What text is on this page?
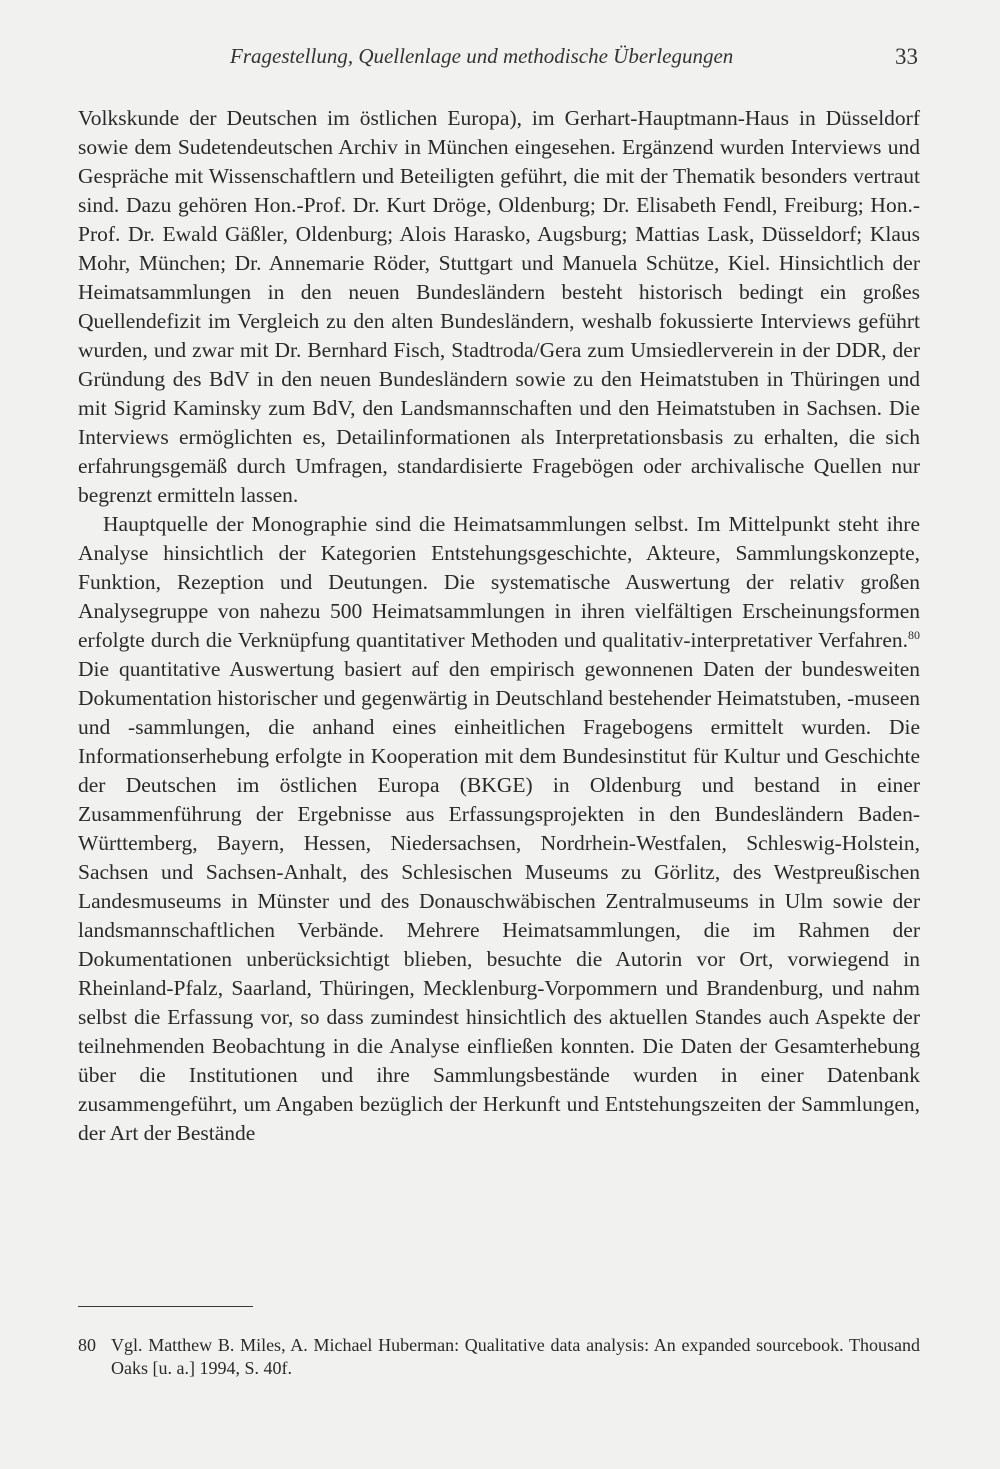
Fragestellung, Quellenlage und methodische Überlegungen	33

Volkskunde der Deutschen im östlichen Europa), im Gerhart-Hauptmann-Haus in Düsseldorf sowie dem Sudetendeutschen Archiv in München eingesehen. Ergänzend wurden Interviews und Gespräche mit Wissenschaftlern und Beteiligten geführt, die mit der Thematik besonders vertraut sind. Dazu gehören Hon.-Prof. Dr. Kurt Dröge, Oldenburg; Dr. Elisabeth Fendl, Freiburg; Hon.-Prof. Dr. Ewald Gäßler, Oldenburg; Alois Harasko, Augsburg; Mattias Lask, Düsseldorf; Klaus Mohr, München; Dr. Annemarie Röder, Stuttgart und Manuela Schütze, Kiel. Hinsichtlich der Heimatsammlungen in den neuen Bundesländern besteht historisch bedingt ein großes Quellendefizit im Vergleich zu den alten Bundesländern, weshalb fokussierte Interviews geführt wurden, und zwar mit Dr. Bernhard Fisch, Stadtroda/Gera zum Umsiedlerverein in der DDR, der Gründung des BdV in den neuen Bundesländern sowie zu den Heimatstuben in Thüringen und mit Sigrid Kaminsky zum BdV, den Landsmannschaften und den Heimatstuben in Sachsen. Die Interviews ermöglichten es, Detailinformationen als Interpretationsbasis zu erhalten, die sich erfahrungsgemäß durch Umfragen, standardisierte Fragebögen oder archivalische Quellen nur begrenzt ermitteln lassen.

Hauptquelle der Monographie sind die Heimatsammlungen selbst. Im Mittelpunkt steht ihre Analyse hinsichtlich der Kategorien Entstehungsgeschichte, Akteure, Sammlungskonzepte, Funktion, Rezeption und Deutungen. Die systematische Auswertung der relativ großen Analysegruppe von nahezu 500 Heimatsammlungen in ihren vielfältigen Erscheinungsformen erfolgte durch die Verknüpfung quantitativer Methoden und qualitativ-interpretativer Verfahren.$^{80}$ Die quantitative Auswertung basiert auf den empirisch gewonnenen Daten der bundesweiten Dokumentation historischer und gegenwärtig in Deutschland bestehender Heimatstuben, -museen und -sammlungen, die anhand eines einheitlichen Fragebogens ermittelt wurden. Die Informationserhebung erfolgte in Kooperation mit dem Bundesinstitut für Kultur und Geschichte der Deutschen im östlichen Europa (BKGE) in Oldenburg und bestand in einer Zusammenführung der Ergebnisse aus Erfassungsprojekten in den Bundesländern Baden-Württemberg, Bayern, Hessen, Niedersachsen, Nordrhein-Westfalen, Schleswig-Holstein, Sachsen und Sachsen-Anhalt, des Schlesischen Museums zu Görlitz, des Westpreußischen Landesmuseums in Münster und des Donauschwäbischen Zentralmuseums in Ulm sowie der landsmannschaftlichen Verbände. Mehrere Heimatsammlungen, die im Rahmen der Dokumentationen unberücksichtigt blieben, besuchte die Autorin vor Ort, vorwiegend in Rheinland-Pfalz, Saarland, Thüringen, Mecklenburg-Vorpommern und Brandenburg, und nahm selbst die Erfassung vor, so dass zumindest hinsichtlich des aktuellen Standes auch Aspekte der teilnehmenden Beobachtung in die Analyse einfließen konnten. Die Daten der Gesamterhebung über die Institutionen und ihre Sammlungsbestände wurden in einer Datenbank zusammengeführt, um Angaben bezüglich der Herkunft und Entstehungszeiten der Sammlungen, der Art der Bestände

80 Vgl. Matthew B. Miles, A. Michael Huberman: Qualitative data analysis: An expanded sourcebook. Thousand Oaks [u. a.] 1994, S. 40f.
